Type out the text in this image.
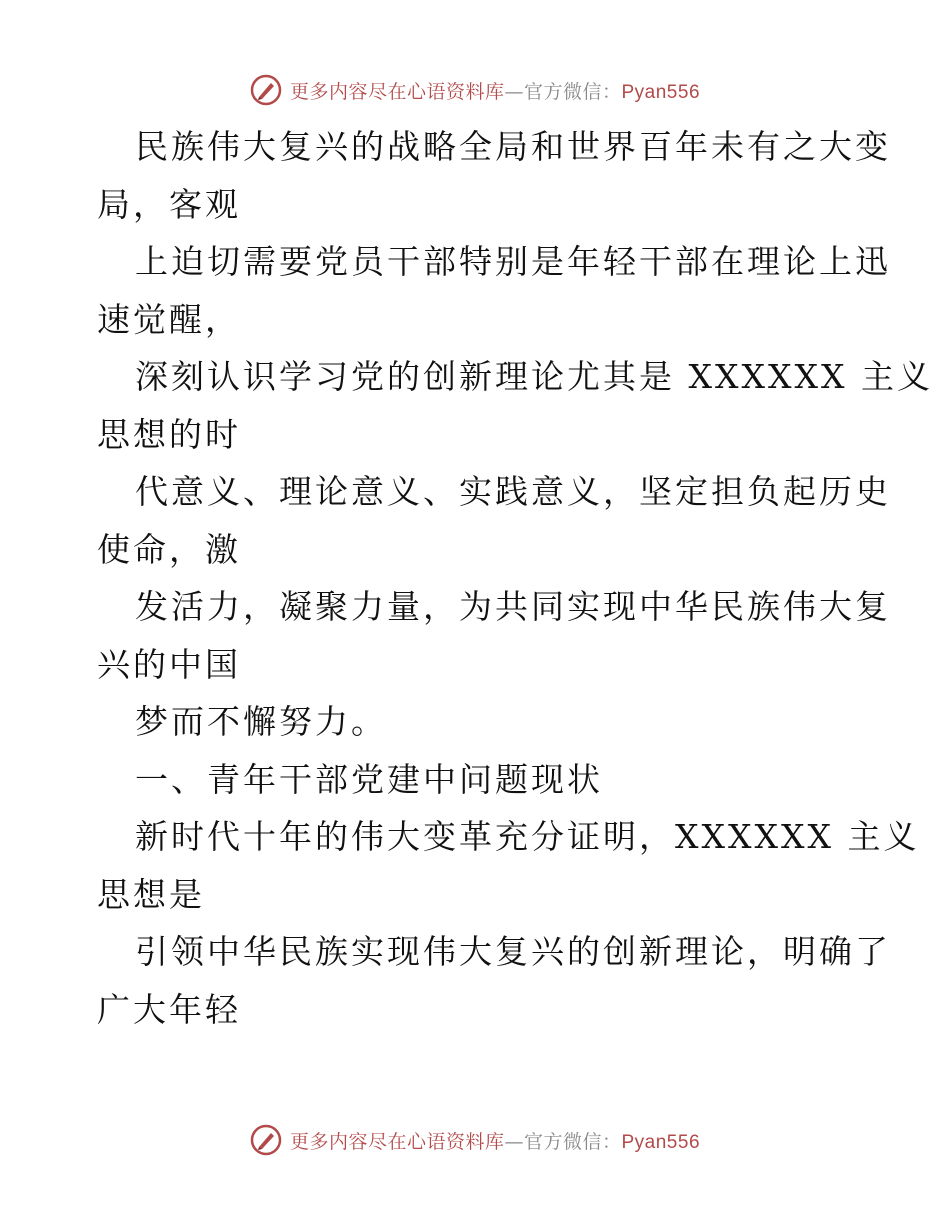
更多内容尽在心语资料库—官方微信：Pyan556
民族伟大复兴的战略全局和世界百年未有之大变
局，客观
上迫切需要党员干部特别是年轻干部在理论上迅
速觉醒，
深刻认识学习党的创新理论尤其是 XXXXXX 主义
思想的时
代意义、理论意义、实践意义，坚定担负起历史
使命，激
发活力，凝聚力量，为共同实现中华民族伟大复
兴的中国
梦而不懈努力。
一、青年干部党建中问题现状
新时代十年的伟大变革充分证明，XXXXXX 主义
思想是
引领中华民族实现伟大复兴的创新理论，明确了
广大年轻
更多内容尽在心语资料库—官方微信：Pyan556
